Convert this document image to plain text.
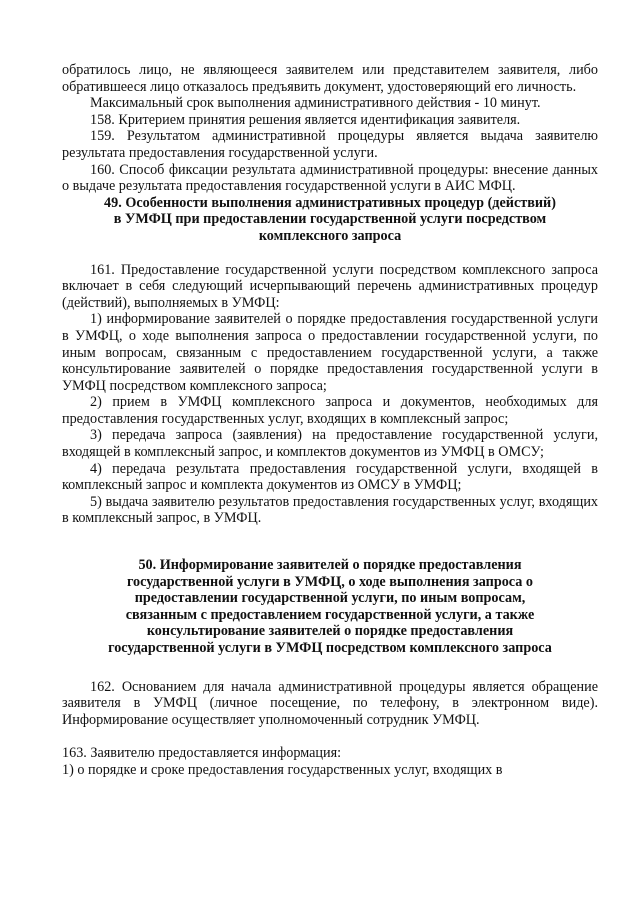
обратилось лицо, не являющееся заявителем или представителем заявителя, либо обратившееся лицо отказалось предъявить документ, удостоверяющий его личность.

Максимальный срок выполнения административного действия - 10 минут.

158. Критерием принятия решения является идентификация заявителя.

159. Результатом административной процедуры является выдача заявителю результата предоставления государственной услуги.

160. Способ фиксации результата административной процедуры: внесение данных о выдаче результата предоставления государственной услуги в АИС МФЦ.

49. Особенности выполнения административных процедур (действий) в УМФЦ при предоставлении государственной услуги посредством комплексного запроса

161. Предоставление государственной услуги посредством комплексного запроса включает в себя следующий исчерпывающий перечень административных процедур (действий), выполняемых в УМФЦ:

1) информирование заявителей о порядке предоставления государственной услуги в УМФЦ, о ходе выполнения запроса о предоставлении государственной услуги, по иным вопросам, связанным с предоставлением государственной услуги, а также консультирование заявителей о порядке предоставления государственной услуги в УМФЦ посредством комплексного запроса;

2) прием в УМФЦ комплексного запроса и документов, необходимых для предоставления государственных услуг, входящих в комплексный запрос;

3) передача запроса (заявления) на предоставление государственной услуги, входящей в комплексный запрос, и комплектов документов из УМФЦ в ОМСУ;

4) передача результата предоставления государственной услуги, входящей в комплексный запрос и комплекта документов из ОМСУ в УМФЦ;

5) выдача заявителю результатов предоставления государственных услуг, входящих в комплексный запрос, в УМФЦ.

50. Информирование заявителей о порядке предоставления государственной услуги в УМФЦ, о ходе выполнения запроса о предоставлении государственной услуги, по иным вопросам, связанным с предоставлением государственной услуги, а также консультирование заявителей о порядке предоставления государственной услуги в УМФЦ посредством комплексного запроса

162. Основанием для начала административной процедуры является обращение заявителя в УМФЦ (личное посещение, по телефону, в электронном виде). Информирование осуществляет уполномоченный сотрудник УМФЦ.

163. Заявителю предоставляется информация:

1) о порядке и сроке предоставления государственных услуг, входящих в
